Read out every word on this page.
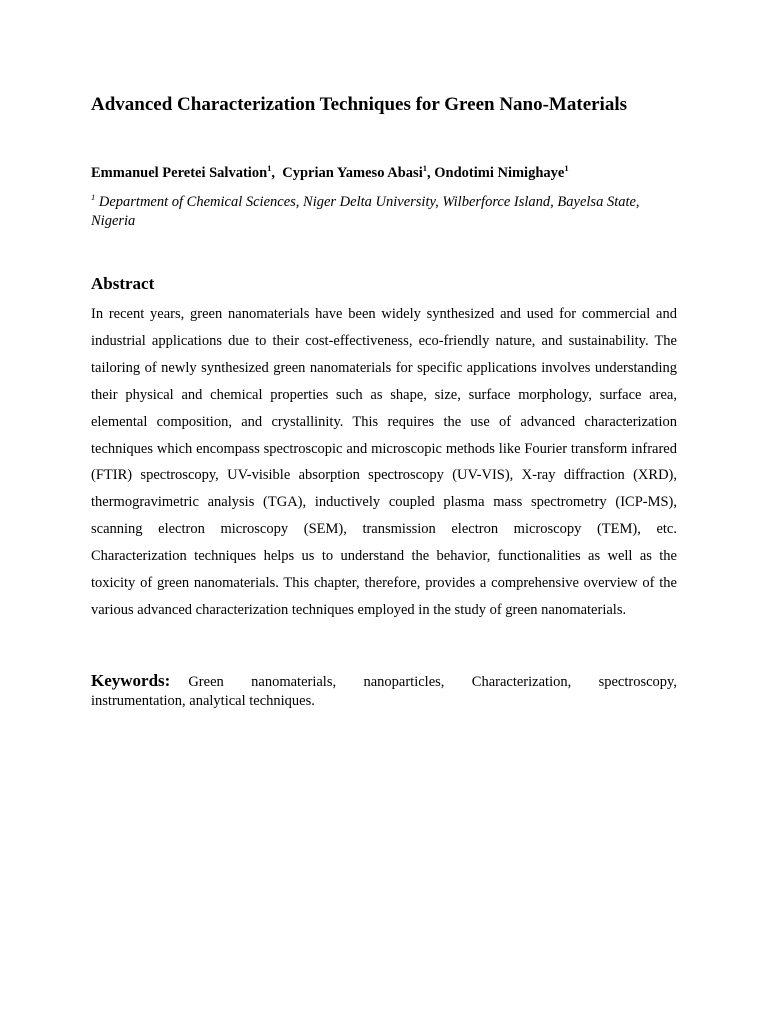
Advanced Characterization Techniques for Green Nano-Materials

Emmanuel Peretei Salvation$^1$,  Cyprian Yameso Abasi$^1$, Ondotimi Nimighaye$^1$

$^1$ Department of Chemical Sciences, Niger Delta University, Wilberforce Island, Bayelsa State, Nigeria

Abstract

In recent years, green nanomaterials have been widely synthesized and used for commercial and industrial applications due to their cost-effectiveness, eco-friendly nature, and sustainability. The tailoring of newly synthesized green nanomaterials for specific applications involves understanding their physical and chemical properties such as shape, size, surface morphology, surface area, elemental composition, and crystallinity. This requires the use of advanced characterization techniques which encompass spectroscopic and microscopic methods like Fourier transform infrared (FTIR) spectroscopy, UV-visible absorption spectroscopy (UV-VIS), X-ray diffraction (XRD), thermogravimetric analysis (TGA), inductively coupled plasma mass spectrometry (ICP-MS), scanning electron microscopy (SEM), transmission electron microscopy (TEM), etc. Characterization techniques helps us to understand the behavior, functionalities as well as the toxicity of green nanomaterials. This chapter, therefore, provides a comprehensive overview of the various advanced characterization techniques employed in the study of green nanomaterials.

Keywords: Green nanomaterials, nanoparticles, Characterization, spectroscopy, instrumentation, analytical techniques.
